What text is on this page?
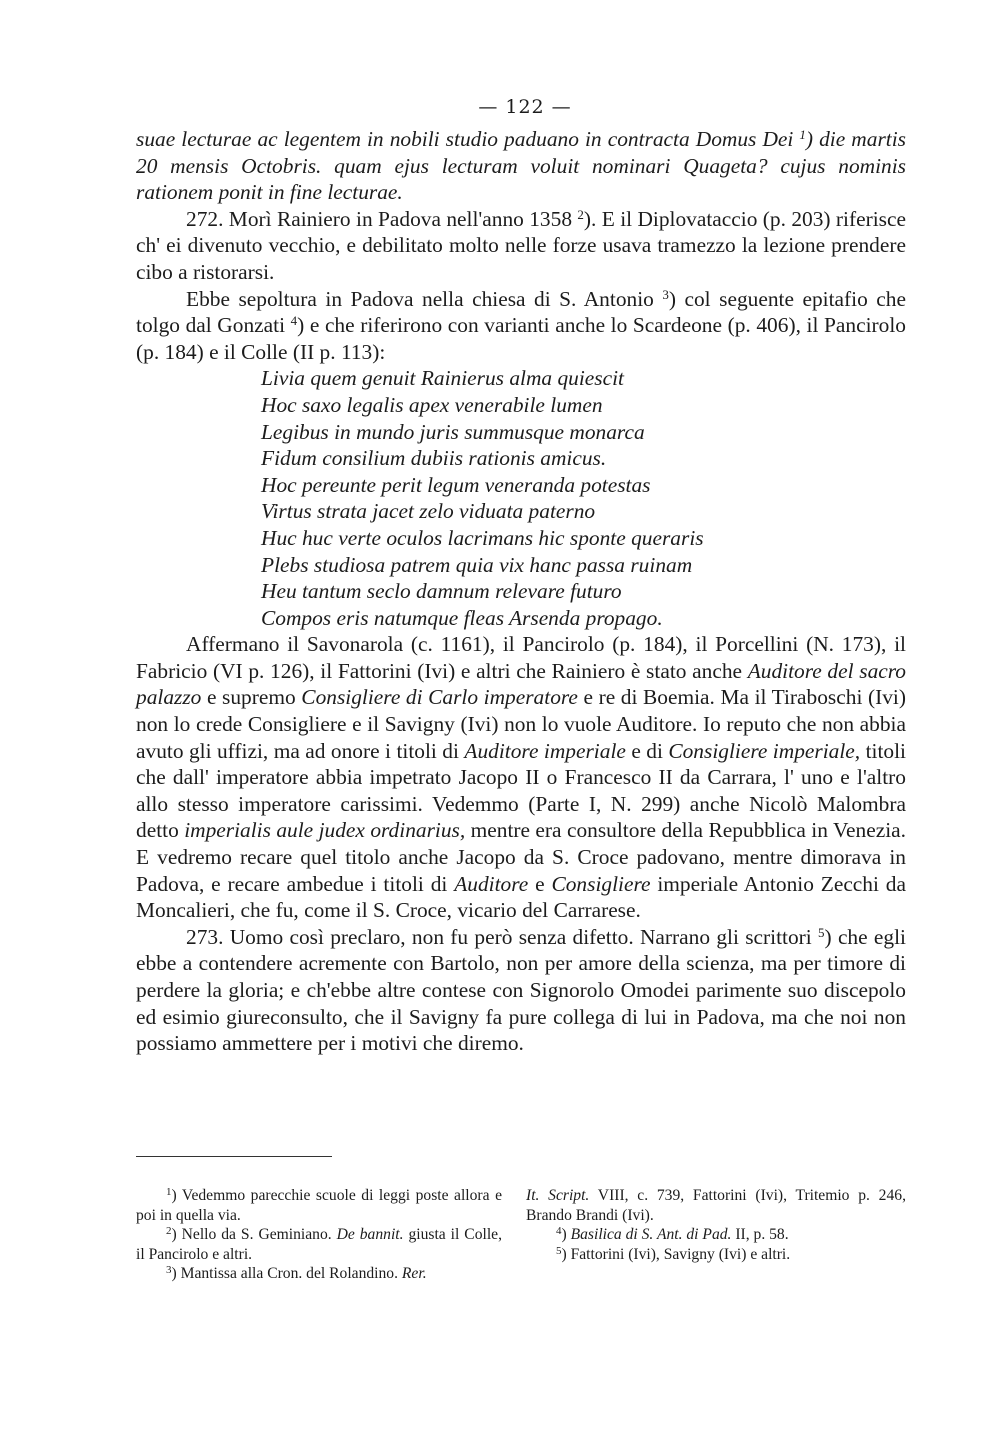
— 122 —

suae lecturae ac legentem in nobili studio paduano in contracta Domus Dei $^1$) die martis 20 mensis Octobris. quam ejus lecturam voluit nominari Quageta? cujus nominis rationem ponit in fine lecturae.

272. Morì Rainiero in Padova nell'anno 1358 $^2$). E il Diplovataccio (p. 203) riferisce ch' ei divenuto vecchio, e debilitato molto nelle forze usava tramezzo la lezione prendere cibo a ristorarsi.

Ebbe sepoltura in Padova nella chiesa di S. Antonio $^3$) col seguente epitafio che tolgo dal Gonzati $^4$) e che riferirono con varianti anche lo Scardeone (p. 406), il Pancirolo (p. 184) e il Colle (II p. 113):

Livia quem genuit Rainierus alma quiescit
Hoc saxo legalis apex venerabile lumen
Legibus in mundo juris summusque monarca
Fidum consilium dubiis rationis amicus.
Hoc pereunte perit legum veneranda potestas
Virtus strata jacet zelo viduata paterno
Huc huc verte oculos lacrimans hic sponte queraris
Plebs studiosa patrem quia vix hanc passa ruinam
Heu tantum seclo damnum relevare futuro
Compos eris natumque fleas Arsenda propago.

Affermano il Savonarola (c. 1161), il Pancirolo (p. 184), il Porcellini (N. 173), il Fabricio (VI p. 126), il Fattorini (Ivi) e altri che Rainiero è stato anche Auditore del sacro palazzo e supremo Consigliere di Carlo imperatore e re di Boemia. Ma il Tiraboschi (Ivi) non lo crede Consigliere e il Savigny (Ivi) non lo vuole Auditore. Io reputo che non abbia avuto gli uffizi, ma ad onore i titoli di Auditore imperiale e di Consigliere imperiale, titoli che dall' imperatore abbia impetrato Jacopo II o Francesco II da Carrara, l' uno e l'altro allo stesso imperatore carissimi. Vedemmo (Parte I, N. 299) anche Nicolò Malombra detto imperialis aule judex ordinarius, mentre era consultore della Repubblica in Venezia. E vedremo recare quel titolo anche Jacopo da S. Croce padovano, mentre dimorava in Padova, e recare ambedue i titoli di Auditore e Consigliere imperiale Antonio Zecchi da Moncalieri, che fu, come il S. Croce, vicario del Carrarese.

273. Uomo così preclaro, non fu però senza difetto. Narrano gli scrittori $^5$) che egli ebbe a contendere acremente con Bartolo, non per amore della scienza, ma per timore di perdere la gloria; e ch'ebbe altre contese con Signorolo Omodei parimente suo discepolo ed esimio giureconsulto, che il Savigny fa pure collega di lui in Padova, ma che noi non possiamo ammettere per i motivi che diremo.

$^1$) Vedemmo parecchie scuole di leggi poste allora e poi in quella via.

$^2$) Nello da S. Geminiano. De bannit. giusta il Colle, il Pancirolo e altri.

$^3$) Mantissa alla Cron. del Rolandino. Rer.

It. Script. VIII, c. 739, Fattorini (Ivi), Tritemio p. 246, Brando Brandi (Ivi).

$^4$) Basilica di S. Ant. di Pad. II, p. 58.

$^5$) Fattorini (Ivi), Savigny (Ivi) e altri.
